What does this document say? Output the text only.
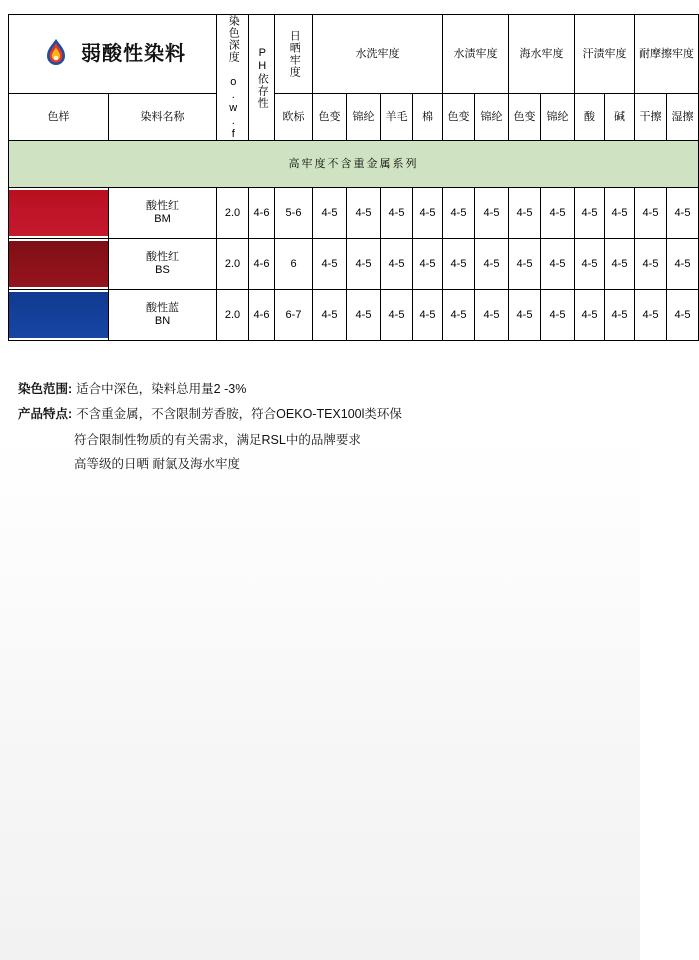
弱酸性染料		染色深度 o.w.f	PH依存性	日晒牢度	水洗牢度				水渍牢度		海水牢度		汗渍牢度		耐摩擦牢度	
色样	染料名称			欧标	色变	锦纶	羊毛	棉	色变	锦纶	色变	锦纶	酸	碱	干擦	湿擦
高牢度不含重金属系列																

	酸性红
BM	2.0	4-6	5-6	4-5	4-5	4-5	4-5	4-5	4-5	4-5	4-5	4-5	4-5	4-5	4-5

	酸性红
BS	2.0	4-6	6	4-5	4-5	4-5	4-5	4-5	4-5	4-5	4-5	4-5	4-5	4-5	4-5

	酸性蓝
BN	2.0	4-6	6-7	4-5	4-5	4-5	4-5	4-5	4-5	4-5	4-5	4-5	4-5	4-5	4-5
染色范围: 适合中深色，染料总用量2 -3%
产品特点: 不含重金属，不含限制芳香胺，符合OEKO-TEX100l类环保
符合限制性物质的有关需求，满足RSL中的品牌要求
高等级的日晒 耐氯及海水牢度
